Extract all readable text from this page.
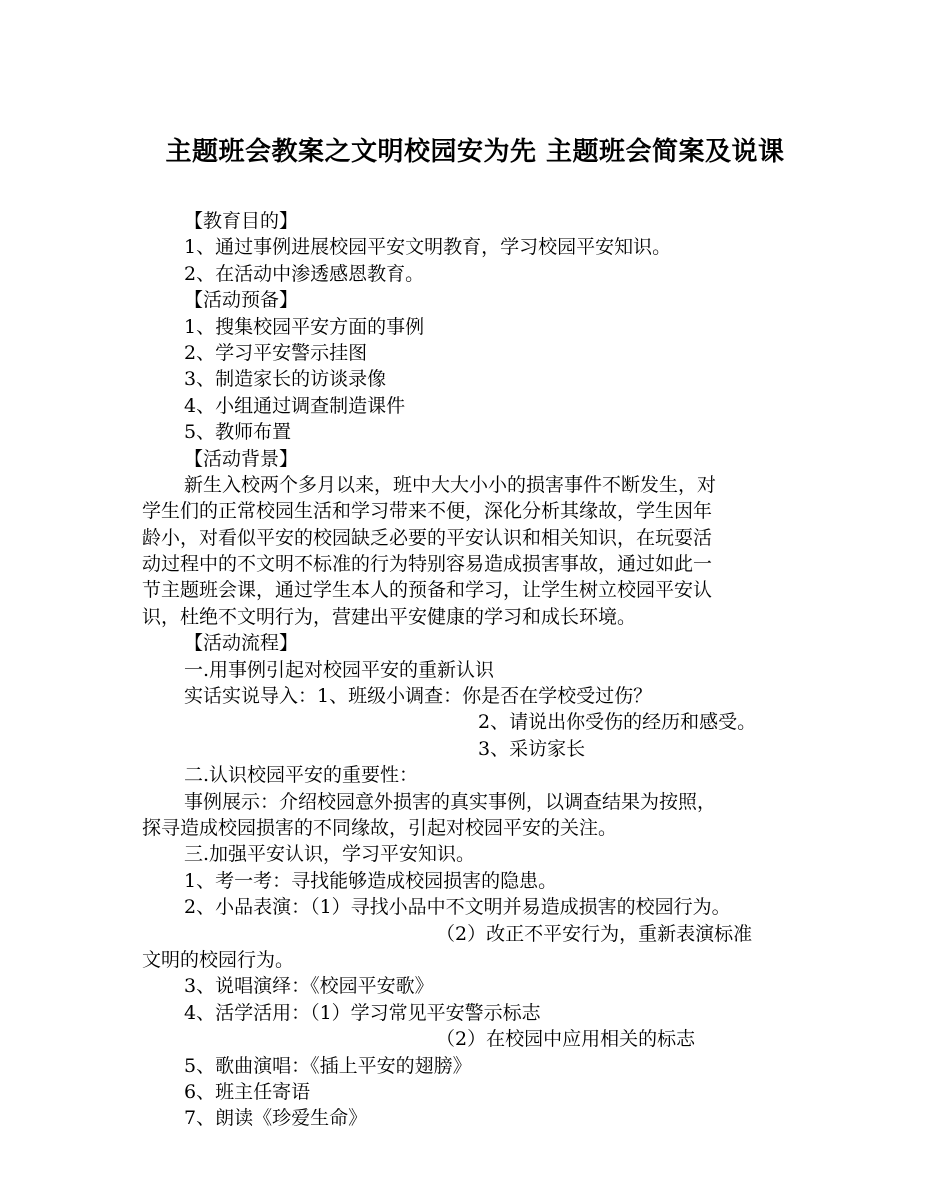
主题班会教案之文明校园安为先 主题班会简案及说课
【教育目的】
1、通过事例进展校园平安文明教育，学习校园平安知识。
2、在活动中渗透感恩教育。
【活动预备】
1、搜集校园平安方面的事例
2、学习平安警示挂图
3、制造家长的访谈录像
4、小组通过调查制造课件
5、教师布置
【活动背景】
新生入校两个多月以来，班中大大小小的损害事件不断发生，对
学生们的正常校园生活和学习带来不便，深化分析其缘故，学生因年
龄小，对看似平安的校园缺乏必要的平安认识和相关知识，在玩耍活
动过程中的不文明不标准的行为特别容易造成损害事故，通过如此一
节主题班会课，通过学生本人的预备和学习，让学生树立校园平安认
识，杜绝不文明行为，营建出平安健康的学习和成长环境。
【活动流程】
一.用事例引起对校园平安的重新认识
实话实说导入：1、班级小调查：你是否在学校受过伤？
2、请说出你受伤的经历和感受。
3、采访家长
二.认识校园平安的重要性：
事例展示：介绍校园意外损害的真实事例，以调查结果为按照，
探寻造成校园损害的不同缘故，引起对校园平安的关注。
三.加强平安认识，学习平安知识。
1、考一考：寻找能够造成校园损害的隐患。
2、小品表演：（1）寻找小品中不文明并易造成损害的校园行为。
（2）改正不平安行为，重新表演标准
文明的校园行为。
3、说唱演绎：《校园平安歌》
4、活学活用：（1）学习常见平安警示标志
（2）在校园中应用相关的标志
5、歌曲演唱：《插上平安的翅膀》
6、班主任寄语
7、朗读《珍爱生命》
